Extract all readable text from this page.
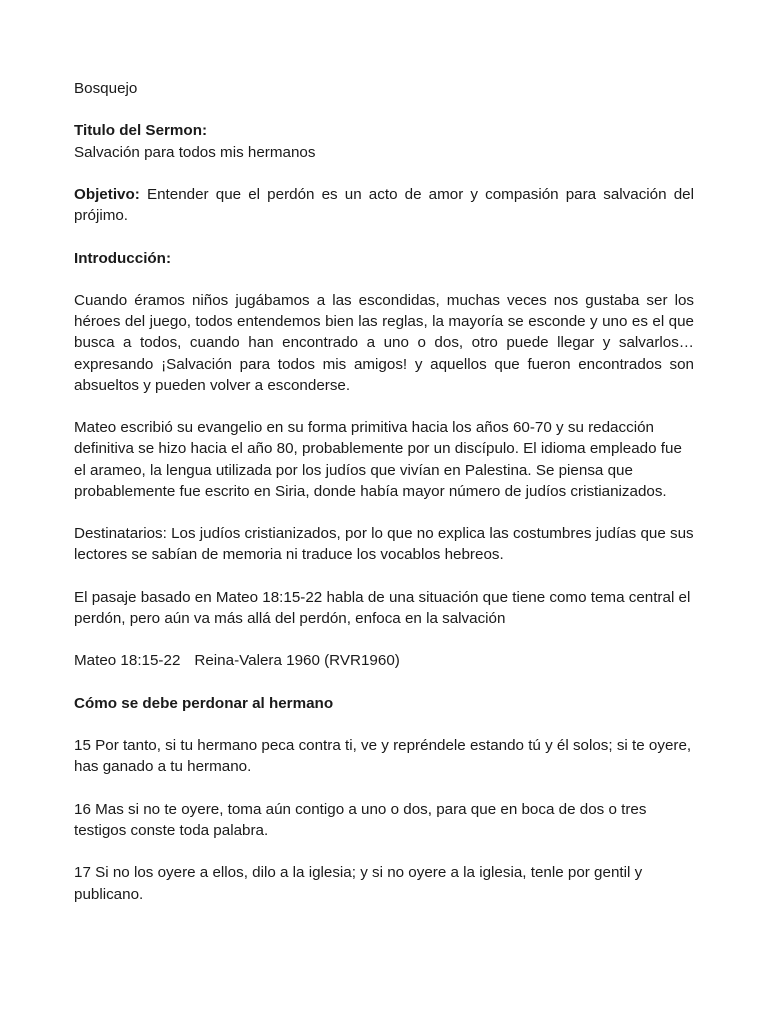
Bosquejo

Titulo del Sermon:
Salvación para todos mis hermanos

Objetivo: Entender que el perdón es un acto de amor y compasión para salvación del prójimo.

Introducción:

Cuando éramos niños jugábamos a las escondidas, muchas veces nos gustaba ser los héroes del juego, todos entendemos bien las reglas, la mayoría se esconde y uno es el que busca a todos, cuando han encontrado a uno o dos, otro puede llegar y salvarlos… expresando ¡Salvación para todos mis amigos! y aquellos que fueron encontrados son absueltos y pueden volver a esconderse.

Mateo escribió su evangelio en su forma primitiva hacia los años 60-70 y su redacción definitiva se hizo hacia el año 80, probablemente por un discípulo. El idioma empleado fue el arameo, la lengua utilizada por los judíos que vivían en Palestina. Se piensa que probablemente fue escrito en Siria, donde había mayor número de judíos cristianizados.

Destinatarios: Los judíos cristianizados, por lo que no explica las costumbres judías que sus lectores se sabían de memoria ni traduce los vocablos hebreos.

El pasaje basado en Mateo 18:15-22 habla de una situación que tiene como tema central el perdón, pero aún va más allá del perdón, enfoca en la salvación

Mateo 18:15-22 Reina-Valera 1960 (RVR1960)

Cómo se debe perdonar al hermano

15 Por tanto, si tu hermano peca contra ti, ve y repréndele estando tú y él solos; si te oyere, has ganado a tu hermano.

16 Mas si no te oyere, toma aún contigo a uno o dos, para que en boca de dos o tres testigos conste toda palabra.

17 Si no los oyere a ellos, dilo a la iglesia; y si no oyere a la iglesia, tenle por gentil y publicano.
